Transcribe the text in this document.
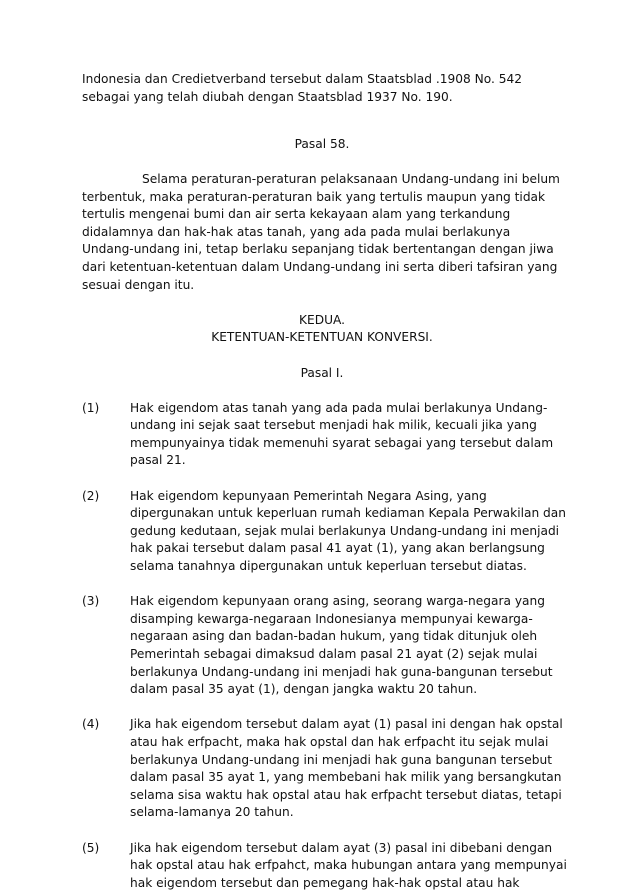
Indonesia dan Credietverband tersebut dalam Staatsblad .1908 No. 542
sebagai yang telah diubah dengan Staatsblad 1937 No. 190.
Pasal 58.
Selama peraturan-peraturan pelaksanaan Undang-undang ini belum
terbentuk, maka peraturan-peraturan baik yang tertulis maupun yang tidak
tertulis mengenai bumi dan air serta kekayaan alam yang terkandung
didalamnya dan hak-hak atas tanah, yang ada pada mulai berlakunya
Undang-undang ini, tetap berlaku sepanjang tidak bertentangan dengan jiwa
dari ketentuan-ketentuan dalam Undang-undang ini serta diberi tafsiran yang
sesuai dengan itu.
KEDUA.
KETENTUAN-KETENTUAN KONVERSI.
Pasal I.
(1)	Hak eigendom atas tanah yang ada pada mulai berlakunya Undang-
undang ini sejak saat tersebut menjadi hak milik, kecuali jika yang
mempunyainya tidak memenuhi syarat sebagai yang tersebut dalam
pasal 21.
(2)	Hak eigendom kepunyaan Pemerintah Negara Asing, yang
dipergunakan untuk keperluan rumah kediaman Kepala Perwakilan dan
gedung kedutaan, sejak mulai berlakunya Undang-undang ini menjadi
hak pakai tersebut dalam pasal 41 ayat (1), yang akan berlangsung
selama tanahnya dipergunakan untuk keperluan tersebut diatas.
(3)	Hak eigendom kepunyaan orang asing, seorang warga-negara yang
disamping kewarga-negaraan Indonesianya mempunyai kewarga-
negaraan asing dan badan-badan hukum, yang tidak ditunjuk oleh
Pemerintah sebagai dimaksud dalam pasal 21 ayat (2) sejak mulai
berlakunya Undang-undang ini menjadi hak guna-bangunan tersebut
dalam pasal 35 ayat (1), dengan jangka waktu 20 tahun.
(4)	Jika hak eigendom tersebut dalam ayat (1) pasal ini dengan hak opstal
atau hak erfpacht, maka hak opstal dan hak erfpacht itu sejak mulai
berlakunya Undang-undang ini menjadi hak guna bangunan tersebut
dalam pasal 35 ayat 1, yang membebani hak milik yang bersangkutan
selama sisa waktu hak opstal atau hak erfpacht tersebut diatas, tetapi
selama-lamanya 20 tahun.
(5)	Jika hak eigendom tersebut dalam ayat (3) pasal ini dibebani dengan
hak opstal atau hak erfpahct, maka hubungan antara yang mempunyai
hak eigendom tersebut dan pemegang hak-hak opstal atau hak
